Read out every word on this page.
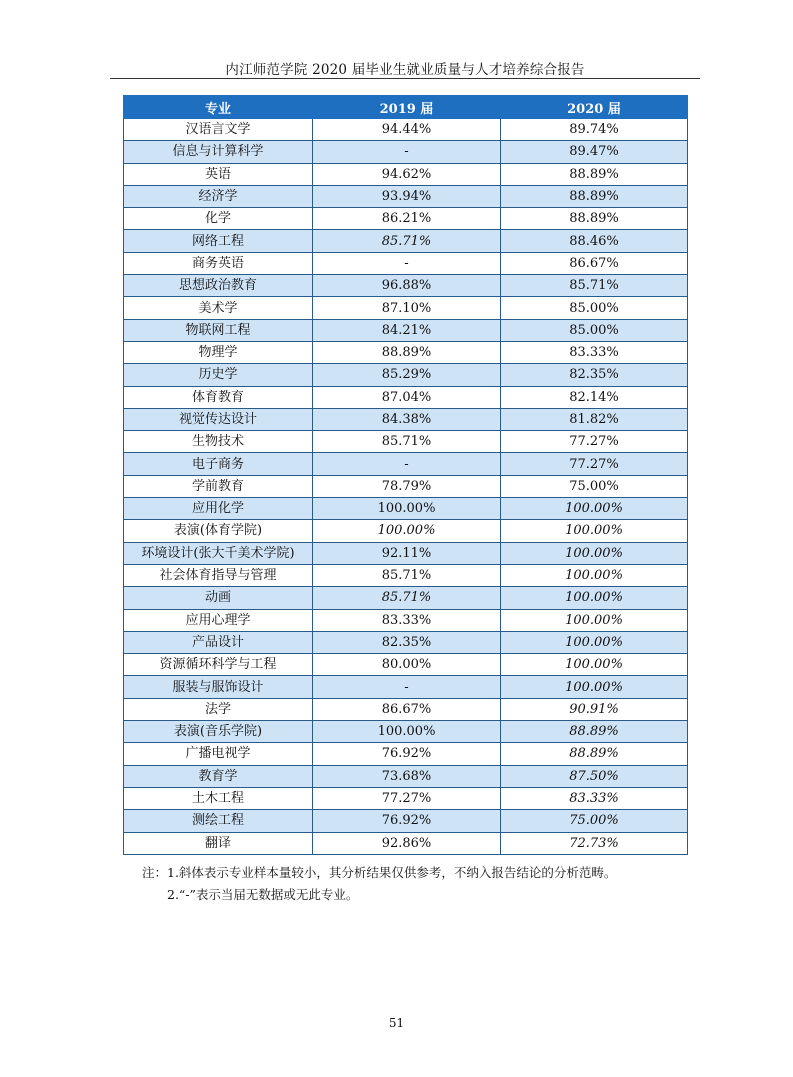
内江师范学院 2020 届毕业生就业质量与人才培养综合报告
专业	2019 届	2020 届
汉语言文学	94.44%	89.74%
信息与计算科学	-	89.47%
英语	94.62%	88.89%
经济学	93.94%	88.89%
化学	86.21%	88.89%
网络工程	85.71%	88.46%
商务英语	-	86.67%
思想政治教育	96.88%	85.71%
美术学	87.10%	85.00%
物联网工程	84.21%	85.00%
物理学	88.89%	83.33%
历史学	85.29%	82.35%
体育教育	87.04%	82.14%
视觉传达设计	84.38%	81.82%
生物技术	85.71%	77.27%
电子商务	-	77.27%
学前教育	78.79%	75.00%
应用化学	100.00%	100.00%
表演(体育学院)	100.00%	100.00%
环境设计(张大千美术学院)	92.11%	100.00%
社会体育指导与管理	85.71%	100.00%
动画	85.71%	100.00%
应用心理学	83.33%	100.00%
产品设计	82.35%	100.00%
资源循环科学与工程	80.00%	100.00%
服装与服饰设计	-	100.00%
法学	86.67%	90.91%
表演(音乐学院)	100.00%	88.89%
广播电视学	76.92%	88.89%
教育学	73.68%	87.50%
土木工程	77.27%	83.33%
测绘工程	76.92%	75.00%
翻译	92.86%	72.73%
注：1.斜体表示专业样本量较小，其分析结果仅供参考，不纳入报告结论的分析范畴。
2.“-”表示当届无数据或无此专业。
51
